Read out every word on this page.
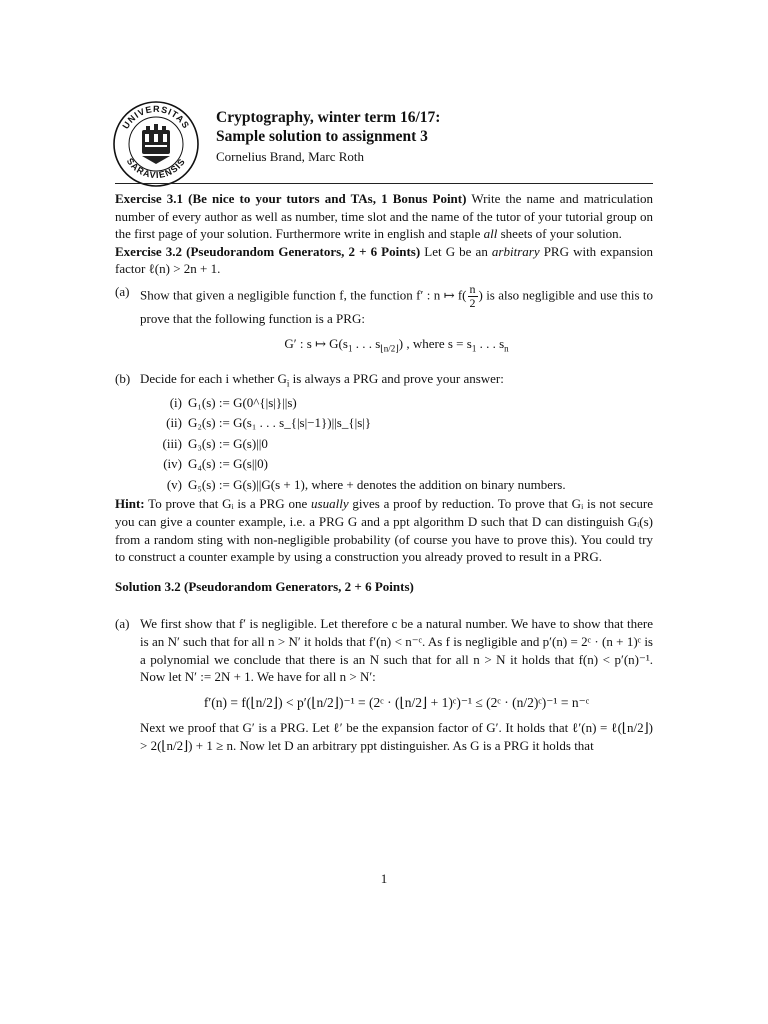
UNIVERSITAS
SARAVIENSIS
Cryptography, winter term 16/17:
Sample solution to assignment 3
Cornelius Brand, Marc Roth

Exercise 3.1 (Be nice to your tutors and TAs, 1 Bonus Point) Write the name and matriculation number of every author as well as number, time slot and the name of the tutor of your tutorial group on the first page of your solution. Furthermore write in english and staple all sheets of your solution.

Exercise 3.2 (Pseudorandom Generators, 2 + 6 Points) Let G be an arbitrary PRG with expansion factor ℓ(n) > 2n + 1.

(a) Show that given a negligible function f, the function f′ : n ↦ $f( \frac{n}{2}$ ) is also negligible and use this to prove that the following function is a PRG:
G′ : s ↦ $G(s_1$ . . . $s_{⌊n/2⌋}$) , where $s = s_1$ . . . $s_n$
(b) Decide for each i whether $G_i$ is always a PRG and prove your answer:
(i) G₁(s) := G(0^{|s|}||s)
(ii) G₂(s) := G(s₁ . . . s_{|s|−1})||s_{|s|}
(iii) G₃(s) := G(s)||0
(iv) G₄(s) := G(s||0)
(v) G₅(s) := G(s)||G(s + 1), where + denotes the addition on binary numbers.

Hint: To prove that Gᵢ is a PRG one usually gives a proof by reduction. To prove that Gᵢ is not secure you can give a counter example, i.e. a PRG G and a ppt algorithm D such that D can distinguish Gᵢ(s) from a random sting with non-negligible probability (of course you have to prove this). You could try to construct a counter example by using a construction you already proved to result in a PRG.

Solution 3.2 (Pseudorandom Generators, 2 + 6 Points)

(a) We first show that f′ is negligible. Let therefore c be a natural number. We have to show that there is an N′ such that for all n > N′ it holds that f′(n) < n⁻ᶜ. As f is negligible and p′(n) = 2ᶜ · (n + 1)ᶜ is a polynomial we conclude that there is an N such that for all n > N it holds that f(n) < p′(n)⁻¹. Now let N′ := 2N + 1. We have for all n > N′:

f′(n) = f(⌊n/2⌋) < p′(⌊n/2⌋)⁻¹ = (2ᶜ · (⌊n/2⌋ + 1)ᶜ)⁻¹ ≤ (2ᶜ · (n/2)ᶜ)⁻¹ = n⁻ᶜ

Next we proof that G′ is a PRG. Let ℓ′ be the expansion factor of G′. It holds that ℓ′(n) = ℓ(⌊n/2⌋) > 2(⌊n/2⌋) + 1 ≥ n. Now let D an arbitrary ppt distinguisher. As G is a PRG it holds that

1
